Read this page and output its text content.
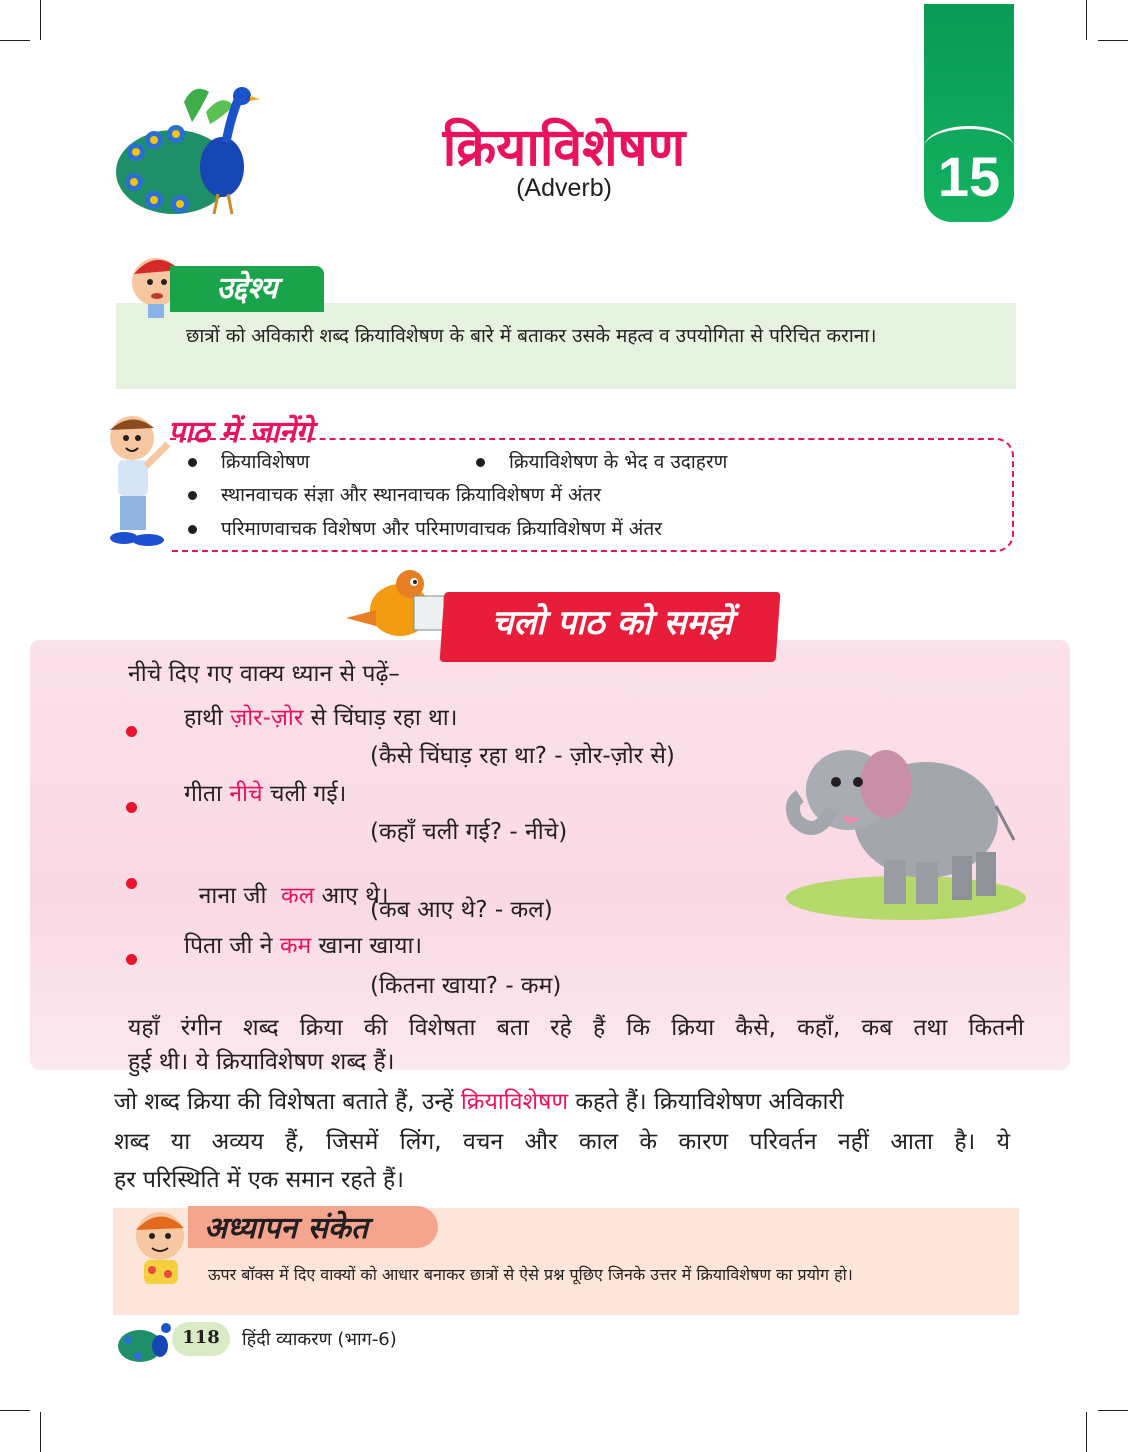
क्रियाविशेषण
(Adverb)	15
उद्देश्य
छात्रों को अविकारी शब्द क्रियाविशेषण के बारे में बताकर उसके महत्व व उपयोगिता से परिचित कराना।
पाठ में जानेंगे
क्रियाविशेषण	क्रियाविशेषण के भेद व उदाहरण
स्थानवाचक संज्ञा और स्थानवाचक क्रियाविशेषण में अंतर
परिमाणवाचक विशेषण और परिमाणवाचक क्रियाविशेषण में अंतर
चलो पाठ को समझें
नीचे दिए गए वाक्य ध्यान से पढ़ें–
हाथी ज़ोर-ज़ोर से चिंघाड़ रहा था।
(कैसे चिंघाड़ रहा था? - ज़ोर-ज़ोर से)
गीता नीचे चली गई।
(कहाँ चली गई? - नीचे)

नाना जी  कल आए थे।

(कब आए थे? - कल)
पिता जी ने कम खाना खाया।
(कितना खाया? - कम)
यहाँ रंगीन शब्द क्रिया की विशेषता बता रहे हैं कि क्रिया कैसे, कहाँ, कब तथा कितनी
हुई थी। ये क्रियाविशेषण शब्द हैं।
जो शब्द क्रिया की विशेषता बताते हैं, उन्हें क्रियाविशेषण कहते हैं। क्रियाविशेषण अविकारी
शब्द या अव्यय हैं, जिसमें लिंग, वचन और काल के कारण परिवर्तन नहीं आता है। ये
हर परिस्थिति में एक समान रहते हैं।
अध्यापन संकेत
ऊपर बॉक्स में दिए वाक्यों को आधार बनाकर छात्रों से ऐसे प्रश्न पूछिए जिनके उत्तर में क्रियाविशेषण का प्रयोग हो।
118	हिंदी व्याकरण (भाग-6)
